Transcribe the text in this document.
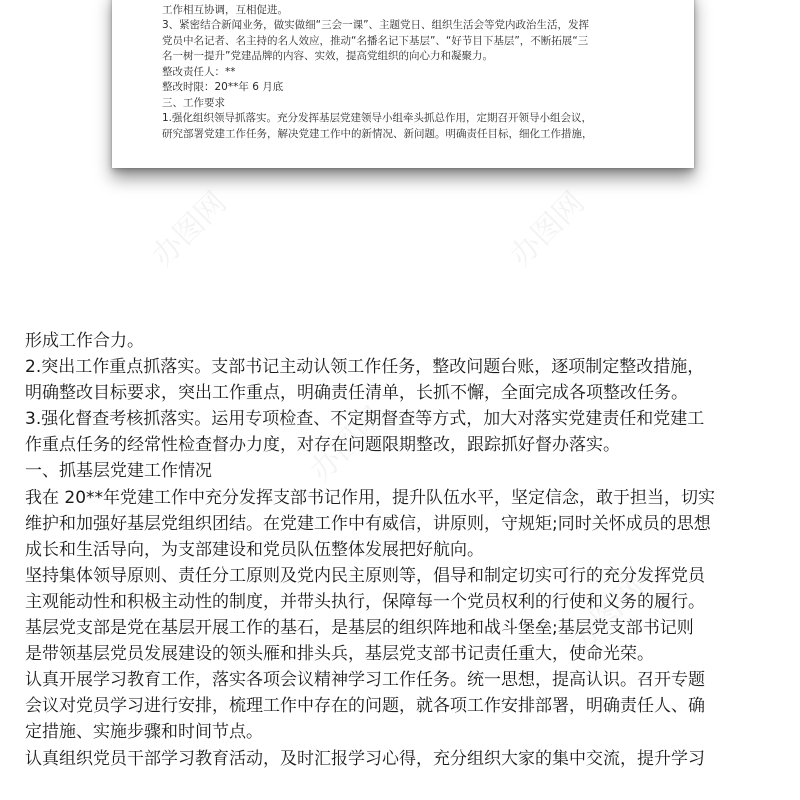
办图网	办图网
办图网
办图网

工作相互协调，互相促进。

3、紧密结合新闻业务，做实做细“三会一课”、主题党日、组织生活会等党内政治生活，发挥

党员中名记者、名主持的名人效应，推动“名播名记下基层”、“好节目下基层”，不断拓展“三

名一树一提升”党建品牌的内容、实效，提高党组织的向心力和凝聚力。

整改责任人：**

整改时限：20**年 6 月底

三、工作要求

1.强化组织领导抓落实。充分发挥基层党建领导小组牵头抓总作用，定期召开领导小组会议，

研究部署党建工作任务，解决党建工作中的新情况、新问题。明确责任目标，细化工作措施，

形成工作合力。

2.突出工作重点抓落实。支部书记主动认领工作任务，整改问题台账，逐项制定整改措施，

明确整改目标要求，突出工作重点，明确责任清单，长抓不懈，全面完成各项整改任务。

3.强化督查考核抓落实。运用专项检查、不定期督查等方式，加大对落实党建责任和党建工

作重点任务的经常性检查督办力度，对存在问题限期整改，跟踪抓好督办落实。

一、抓基层党建工作情况

我在 20**年党建工作中充分发挥支部书记作用，提升队伍水平，坚定信念，敢于担当，切实

维护和加强好基层党组织团结。在党建工作中有威信，讲原则，守规矩;同时关怀成员的思想

成长和生活导向，为支部建设和党员队伍整体发展把好航向。

坚持集体领导原则、责任分工原则及党内民主原则等，倡导和制定切实可行的充分发挥党员

主观能动性和积极主动性的制度，并带头执行，保障每一个党员权利的行使和义务的履行。

基层党支部是党在基层开展工作的基石，是基层的组织阵地和战斗堡垒;基层党支部书记则

是带领基层党员发展建设的领头雁和排头兵，基层党支部书记责任重大，使命光荣。

认真开展学习教育工作，落实各项会议精神学习工作任务。统一思想，提高认识。召开专题

会议对党员学习进行安排，梳理工作中存在的问题，就各项工作安排部署，明确责任人、确

定措施、实施步骤和时间节点。

认真组织党员干部学习教育活动，及时汇报学习心得，充分组织大家的集中交流，提升学习
